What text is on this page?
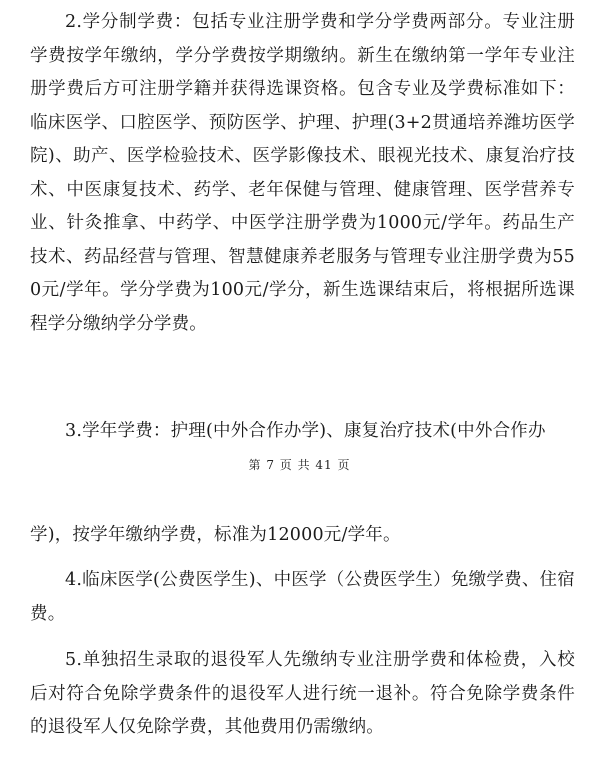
2.学分制学费：包括专业注册学费和学分学费两部分。专业注册学费按学年缴纳，学分学费按学期缴纳。新生在缴纳第一学年专业注册学费后方可注册学籍并获得选课资格。包含专业及学费标准如下：临床医学、口腔医学、预防医学、护理、护理(3+2贯通培养潍坊医学院)、助产、医学检验技术、医学影像技术、眼视光技术、康复治疗技术、中医康复技术、药学、老年保健与管理、健康管理、医学营养专业、针灸推拿、中药学、中医学注册学费为1000元/学年。药品生产技术、药品经营与管理、智慧健康养老服务与管理专业注册学费为550元/学年。学分学费为100元/学分，新生选课结束后，将根据所选课程学分缴纳学分学费。

3.学年学费：护理(中外合作办学)、康复治疗技术(中外合作办

第 7 页 共 41 页

学)，按学年缴纳学费，标准为12000元/学年。

4.临床医学(公费医学生)、中医学（公费医学生）免缴学费、住宿费。

5.单独招生录取的退役军人先缴纳专业注册学费和体检费，入校后对符合免除学费条件的退役军人进行统一退补。符合免除学费条件的退役军人仅免除学费，其他费用仍需缴纳。
